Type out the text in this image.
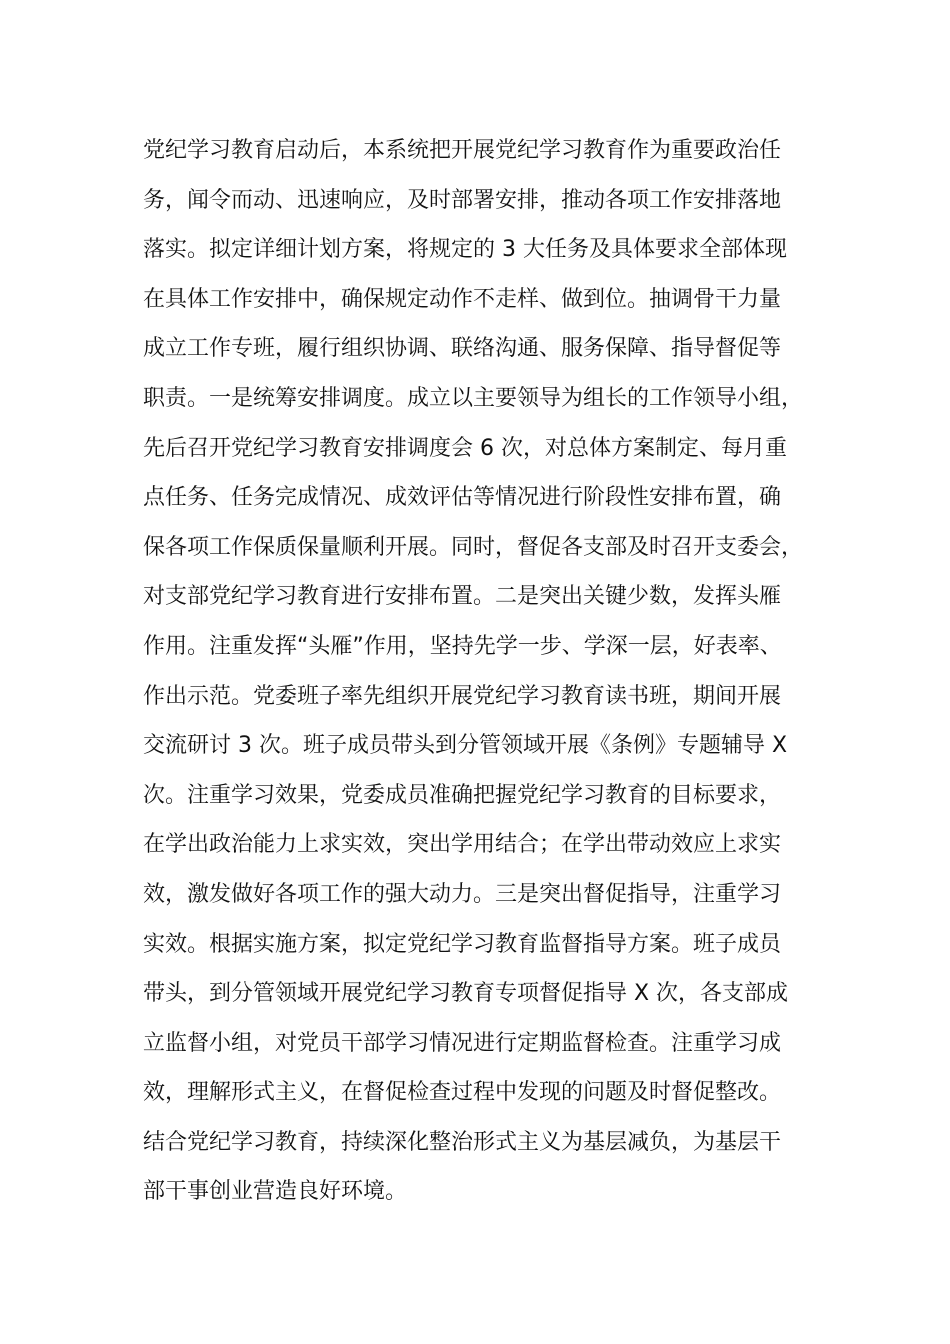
党纪学习教育启动后，本系统把开展党纪学习教育作为重要政治任
务，闻令而动、迅速响应，及时部署安排，推动各项工作安排落地
落实。拟定详细计划方案，将规定的 3 大任务及具体要求全部体现
在具体工作安排中，确保规定动作不走样、做到位。抽调骨干力量
成立工作专班，履行组织协调、联络沟通、服务保障、指导督促等
职责。一是统筹安排调度。成立以主要领导为组长的工作领导小组，
先后召开党纪学习教育安排调度会 6 次，对总体方案制定、每月重
点任务、任务完成情况、成效评估等情况进行阶段性安排布置，确
保各项工作保质保量顺利开展。同时，督促各支部及时召开支委会，
对支部党纪学习教育进行安排布置。二是突出关键少数，发挥头雁
作用。注重发挥“头雁”作用，坚持先学一步、学深一层，好表率、
作出示范。党委班子率先组织开展党纪学习教育读书班，期间开展
交流研讨 3 次。班子成员带头到分管领域开展《条例》专题辅导 X
次。注重学习效果，党委成员准确把握党纪学习教育的目标要求，
在学出政治能力上求实效，突出学用结合；在学出带动效应上求实
效，激发做好各项工作的强大动力。三是突出督促指导，注重学习
实效。根据实施方案，拟定党纪学习教育监督指导方案。班子成员
带头，到分管领域开展党纪学习教育专项督促指导 X 次，各支部成
立监督小组，对党员干部学习情况进行定期监督检查。注重学习成
效，理解形式主义，在督促检查过程中发现的问题及时督促整改。
结合党纪学习教育，持续深化整治形式主义为基层减负，为基层干
部干事创业营造良好环境。
